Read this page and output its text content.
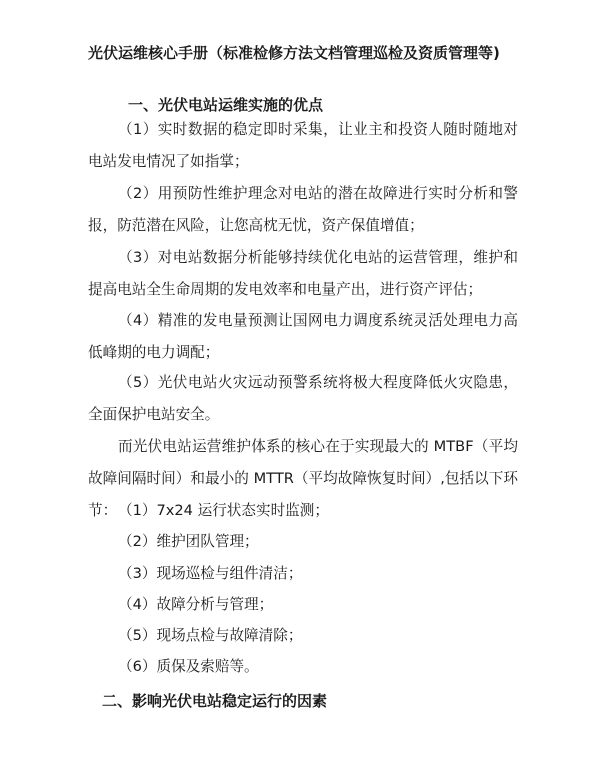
光伏运维核心手册（标准检修方法文档管理巡检及资质管理等)
一、光伏电站运维实施的优点

（1）实时数据的稳定即时采集，让业主和投资人随时随地对电站发电情况了如指掌；

（2）用预防性维护理念对电站的潜在故障进行实时分析和警报，防范潜在风险，让您高枕无忧，资产保值增值；

（3）对电站数据分析能够持续优化电站的运营管理，维护和提高电站全生命周期的发电效率和电量产出，进行资产评估；

（4）精准的发电量预测让国网电力调度系统灵活处理电力高低峰期的电力调配；

（5）光伏电站火灾远动预警系统将极大程度降低火灾隐患，全面保护电站安全。

而光伏电站运营维护体系的核心在于实现最大的 MTBF（平均故障间隔时间）和最小的 MTTR（平均故障恢复时间）,包括以下环节： （1）7x24 运行状态实时监测；
（2）维护团队管理；
（3）现场巡检与组件清洁；
（4）故障分析与管理；
（5）现场点检与故障清除；
（6）质保及索赔等。
二、影响光伏电站稳定运行的因素
